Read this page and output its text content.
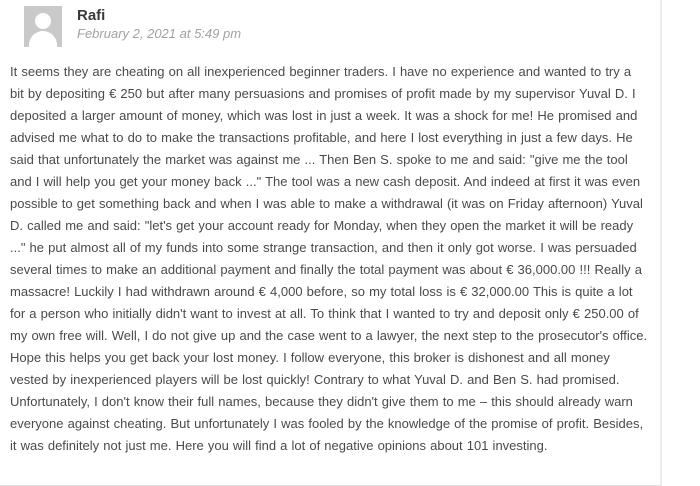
Rafi
February 2, 2021 at 5:49 pm
It seems they are cheating on all inexperienced beginner traders. I have no experience and wanted to try a bit by depositing € 250 but after many persuasions and promises of profit made by my supervisor Yuval D. I deposited a larger amount of money, which was lost in just a week. It was a shock for me! He promised and advised me what to do to make the transactions profitable, and here I lost everything in just a few days. He said that unfortunately the market was against me ... Then Ben S. spoke to me and said: "give me the tool and I will help you get your money back ..." The tool was a new cash deposit. And indeed at first it was even possible to get something back and when I was able to make a withdrawal (it was on Friday afternoon) Yuval D. called me and said: "let's get your account ready for Monday, when they open the market it will be ready ..." he put almost all of my funds into some strange transaction, and then it only got worse. I was persuaded several times to make an additional payment and finally the total payment was about € 36,000.00 !!! Really a massacre! Luckily I had withdrawn around € 4,000 before, so my total loss is € 32,000.00 This is quite a lot for a person who initially didn't want to invest at all. To think that I wanted to try and deposit only € 250.00 of my own free will. Well, I do not give up and the case went to a lawyer, the next step to the prosecutor's office. Hope this helps you get back your lost money. I follow everyone, this broker is dishonest and all money vested by inexperienced players will be lost quickly! Contrary to what Yuval D. and Ben S. had promised. Unfortunately, I don't know their full names, because they didn't give them to me – this should already warn everyone against cheating. But unfortunately I was fooled by the knowledge of the promise of profit. Besides, it was definitely not just me. Here you will find a lot of negative opinions about 101 investing.
